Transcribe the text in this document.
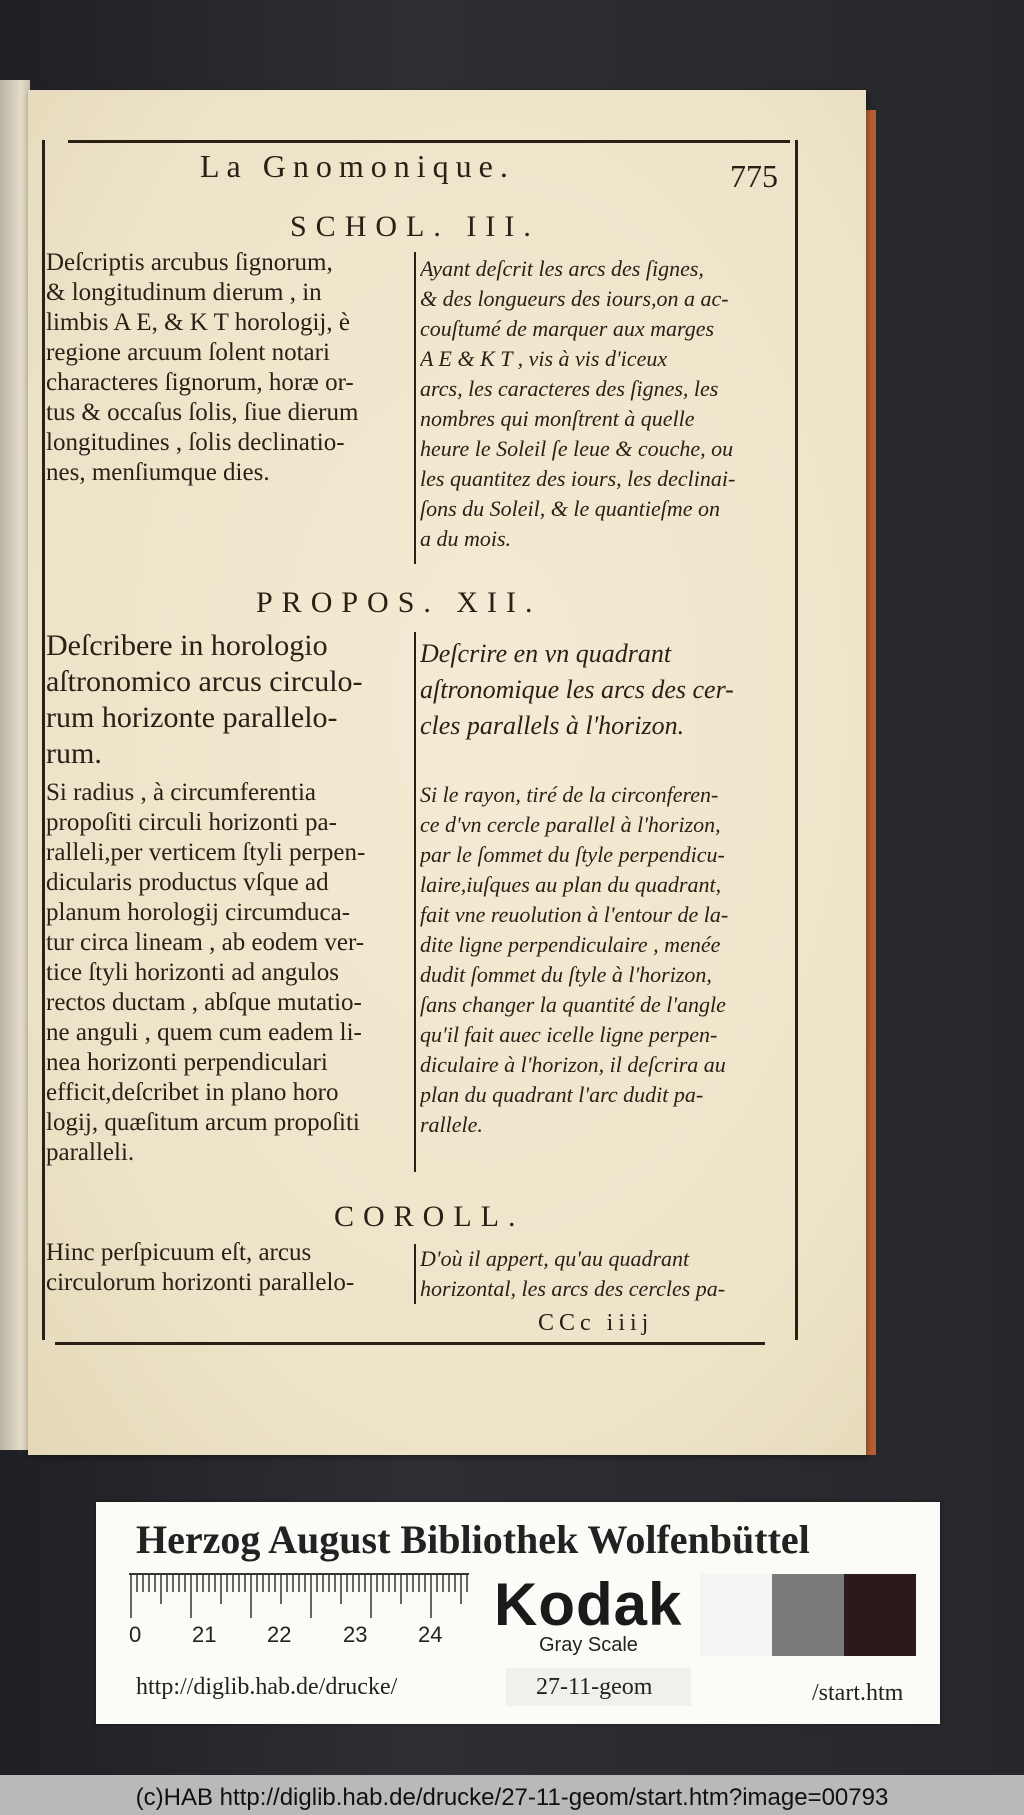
La Gnomonique.	775
SCHOL. III.
Deſcriptis arcubus ſignorum,
& longitudinum dierum , in
limbis A E, & K T horologij, è
regione arcuum ſolent notari
characteres ſignorum, horæ or-
tus & occaſus ſolis, ſiue dierum
longitudines , ſolis declinatio-
nes, menſiumque dies.
Ayant deſcrit les arcs des ſignes,
& des longueurs des iours,on a ac-
couſtumé de marquer aux marges
A E & K T , vis à vis d'iceux
arcs, les caracteres des ſignes, les
nombres qui monſtrent à quelle
heure le Soleil ſe leue & couche, ou
les quantitez des iours, les declinai-
ſons du Soleil, & le quantieſme on
a du mois.
PROPOS. XII.
Deſcribere in horologio
aſtronomico arcus circulo-
rum horizonte parallelo-
rum.
Deſcrire en vn quadrant
aſtronomique les arcs des cer-
cles parallels à l'horizon.
Si radius , à circumferentia
propoſiti circuli horizonti pa-
ralleli,per verticem ſtyli perpen-
dicularis productus vſque ad
planum horologij circumduca-
tur circa lineam , ab eodem ver-
tice ſtyli horizonti ad angulos
rectos ductam , abſque mutatio-
ne anguli , quem cum eadem li-
nea horizonti perpendiculari
efficit,deſcribet in plano horo
logij, quæſitum arcum propoſiti
paralleli.
Si le rayon, tiré de la circonferen-
ce d'vn cercle parallel à l'horizon,
par le ſommet du ſtyle perpendicu-
laire,iuſques au plan du quadrant,
fait vne reuolution à l'entour de la-
dite ligne perpendiculaire , menée
dudit ſommet du ſtyle à l'horizon,
ſans changer la quantité de l'angle
qu'il fait auec icelle ligne perpen-
diculaire à l'horizon, il deſcrira au
plan du quadrant l'arc dudit pa-
rallele.
COROLL.
Hinc perſpicuum eſt, arcus
circulorum horizonti parallelo-
D'où il appert, qu'au quadrant
horizontal, les arcs des cercles pa-
CCc iiij
Herzog August Bibliothek Wolfenbüttel
0 21 22 23 24 Kodak
Gray Scale
http://diglib.hab.de/drucke/	27-11-geom	/start.htm
(c)HAB http://diglib.hab.de/drucke/27-11-geom/start.htm?image=00793
